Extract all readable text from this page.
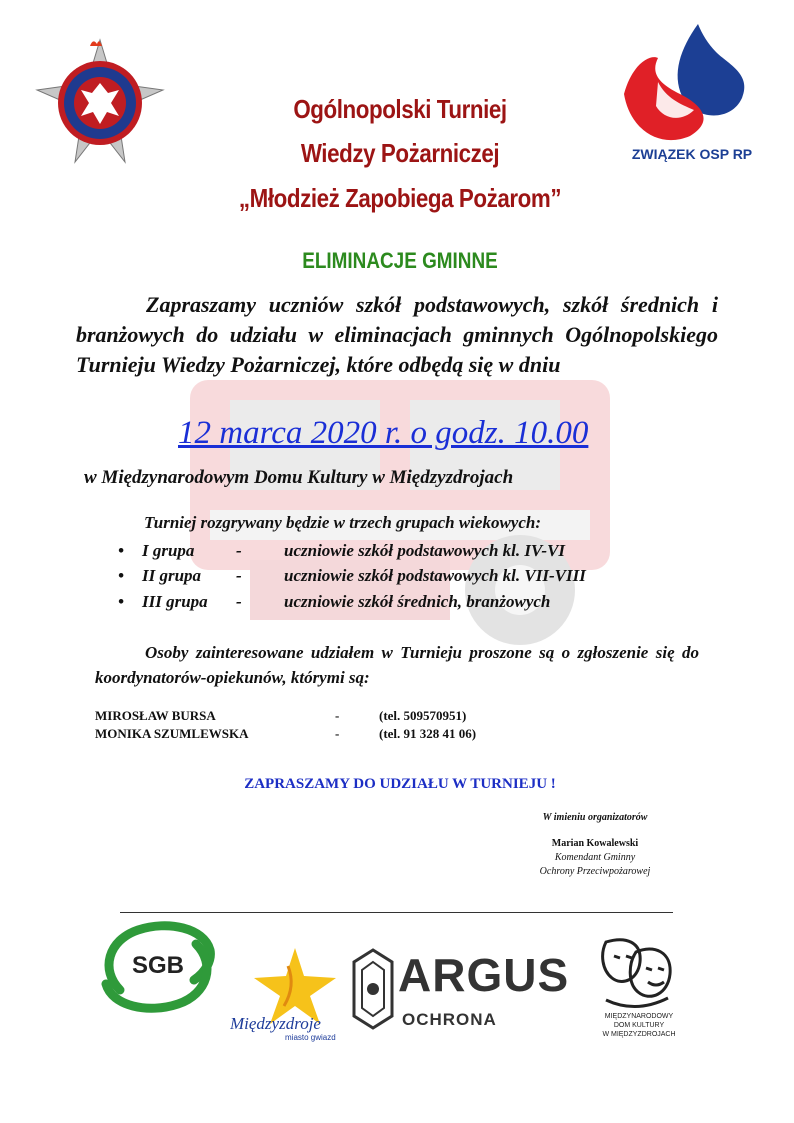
ZWIĄZEK OSP RP
Ogólnopolski Turniej
Wiedzy Pożarniczej
„Młodzież Zapobiega Pożarom”
ELIMINACJE GMINNE
Zapraszamy uczniów szkół podstawowych, szkół średnich i branżowych do udziału w eliminacjach gminnych Ogólnopolskiego Turnieju Wiedzy Pożarniczej, które odbędą się w dniu
12 marca 2020 r. o godz. 10.00
w Międzynarodowym Domu Kultury w Międzyzdrojach
Turniej rozgrywany będzie w trzech grupach wiekowych:
• I grupa - uczniowie szkół podstawowych kl. IV-VI
• II grupa - uczniowie szkół podstawowych kl. VII-VIII
• III grupa - uczniowie szkół średnich, branżowych
Osoby zainteresowane udziałem w Turnieju proszone są o zgłoszenie się do koordynatorów-opiekunów, którymi są:
MIROSŁAW BURSA	-	(tel. 509570951)
MONIKA SZUMLEWSKA	-	(tel. 91 328 41 06)
ZAPRASZAMY DO UDZIAŁU W TURNIEJU !
W imieniu organizatorów
Marian Kowalewski
Komendant Gminny
Ochrony Przeciwpożarowej
SGB
Międzyzdroje
miasto gwiazd
ARGUS
OCHRONA	MIĘDZYNARODOWY
DOM KULTURY
W MIĘDZYZDROJACH
